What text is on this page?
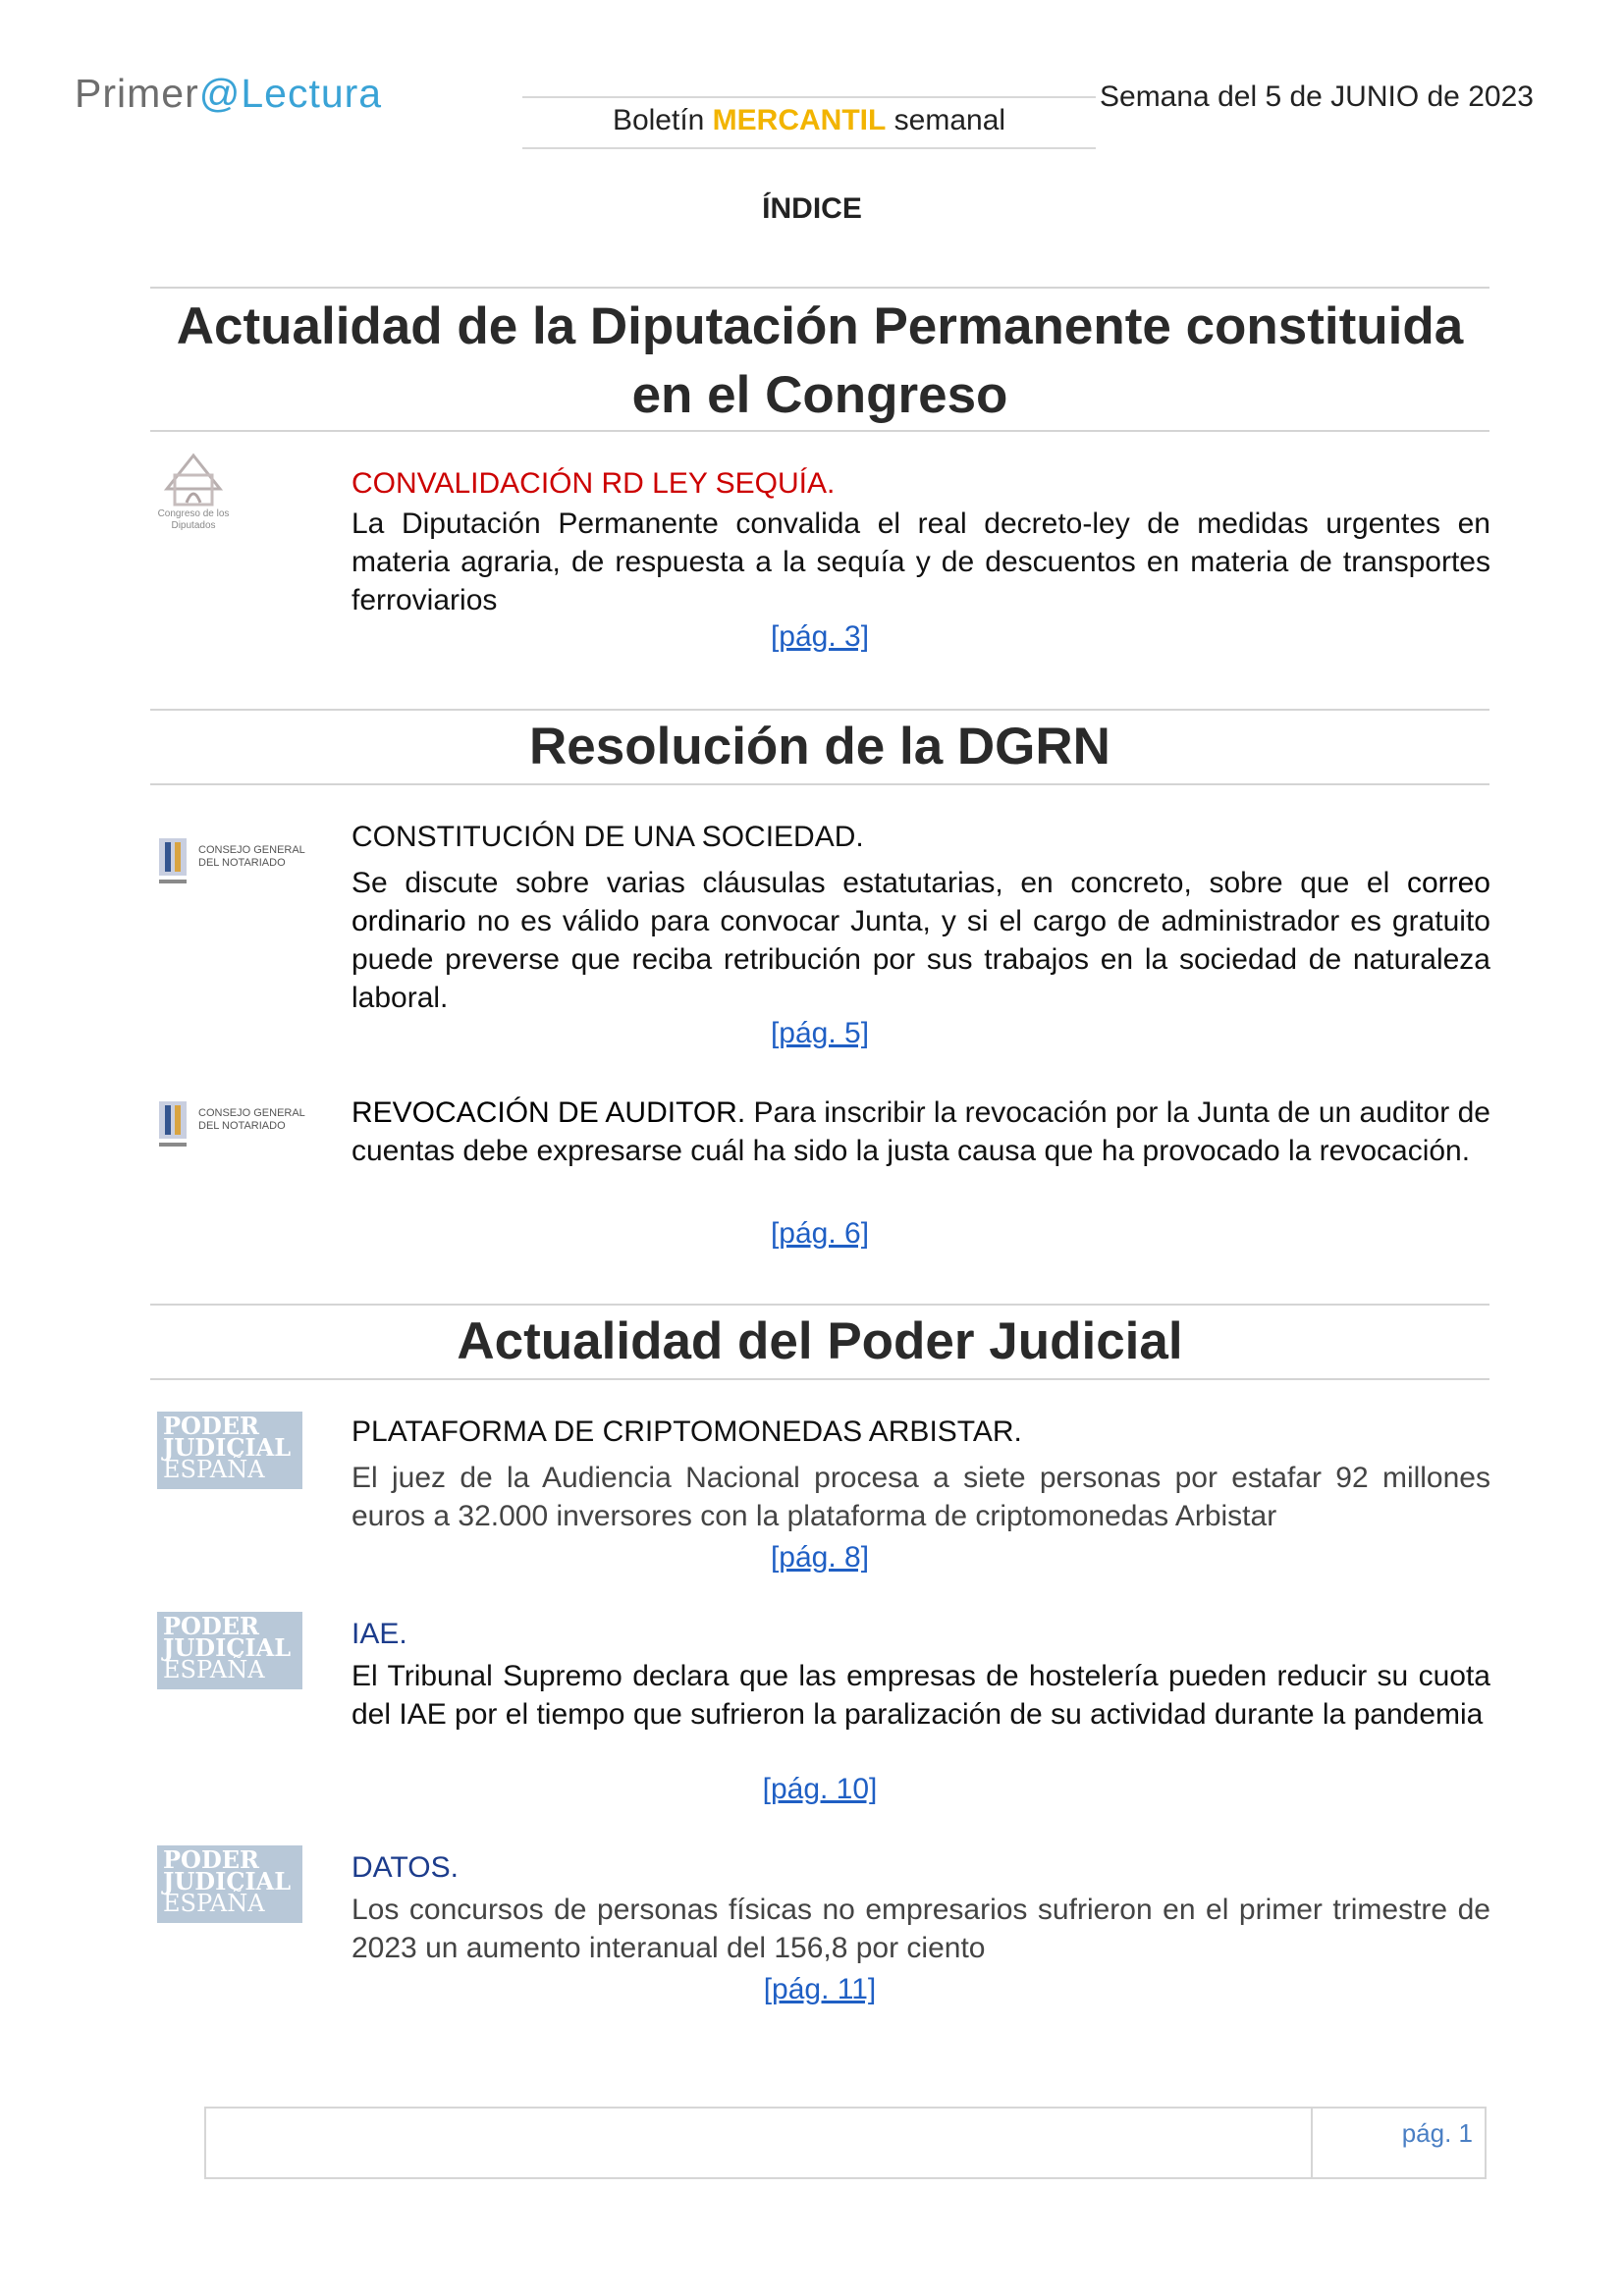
Primer@Lectura
Boletín MERCANTIL semanal
Semana del 5 de JUNIO de 2023
ÍNDICE
Actualidad de la Diputación Permanente constituida
en el Congreso
Congreso de los Diputados
CONVALIDACIÓN RD LEY SEQUÍA.
La Diputación Permanente convalida el real decreto-ley de medidas urgentes en materia agraria, de respuesta a la sequía y de descuentos en materia de transportes ferroviarios
[pág. 3]
Resolución de la DGRN
CONSEJO GENERAL
DEL NOTARIADO
CONSTITUCIÓN DE UNA SOCIEDAD.
Se discute sobre varias cláusulas estatutarias, en concreto, sobre que el correo ordinario no es válido para convocar Junta, y si el cargo de administrador es gratuito puede preverse que reciba retribución por sus trabajos en la sociedad de naturaleza laboral.
[pág. 5]
CONSEJO GENERAL
DEL NOTARIADO	REVOCACIÓN DE AUDITOR. Para inscribir la revocación por la Junta de un auditor de cuentas debe expresarse cuál ha sido la justa causa que ha provocado la revocación.
[pág. 6]
Actualidad del Poder Judicial
PODER
JUDICIAL
ESPAÑA
PLATAFORMA DE CRIPTOMONEDAS ARBISTAR.
El juez de la Audiencia Nacional procesa a siete personas por estafar 92 millones euros a 32.000 inversores con la plataforma de criptomonedas Arbistar
[pág. 8]
PODER
JUDICIAL
ESPAÑA
IAE.
El Tribunal Supremo declara que las empresas de hostelería pueden reducir su cuota del IAE por el tiempo que sufrieron la paralización de su actividad durante la pandemia
[pág. 10]
PODER
JUDICIAL
ESPAÑA
DATOS.
Los concursos de personas físicas no empresarios sufrieron en el primer trimestre de 2023 un aumento interanual del 156,8 por ciento
[pág. 11]
pág. 1
